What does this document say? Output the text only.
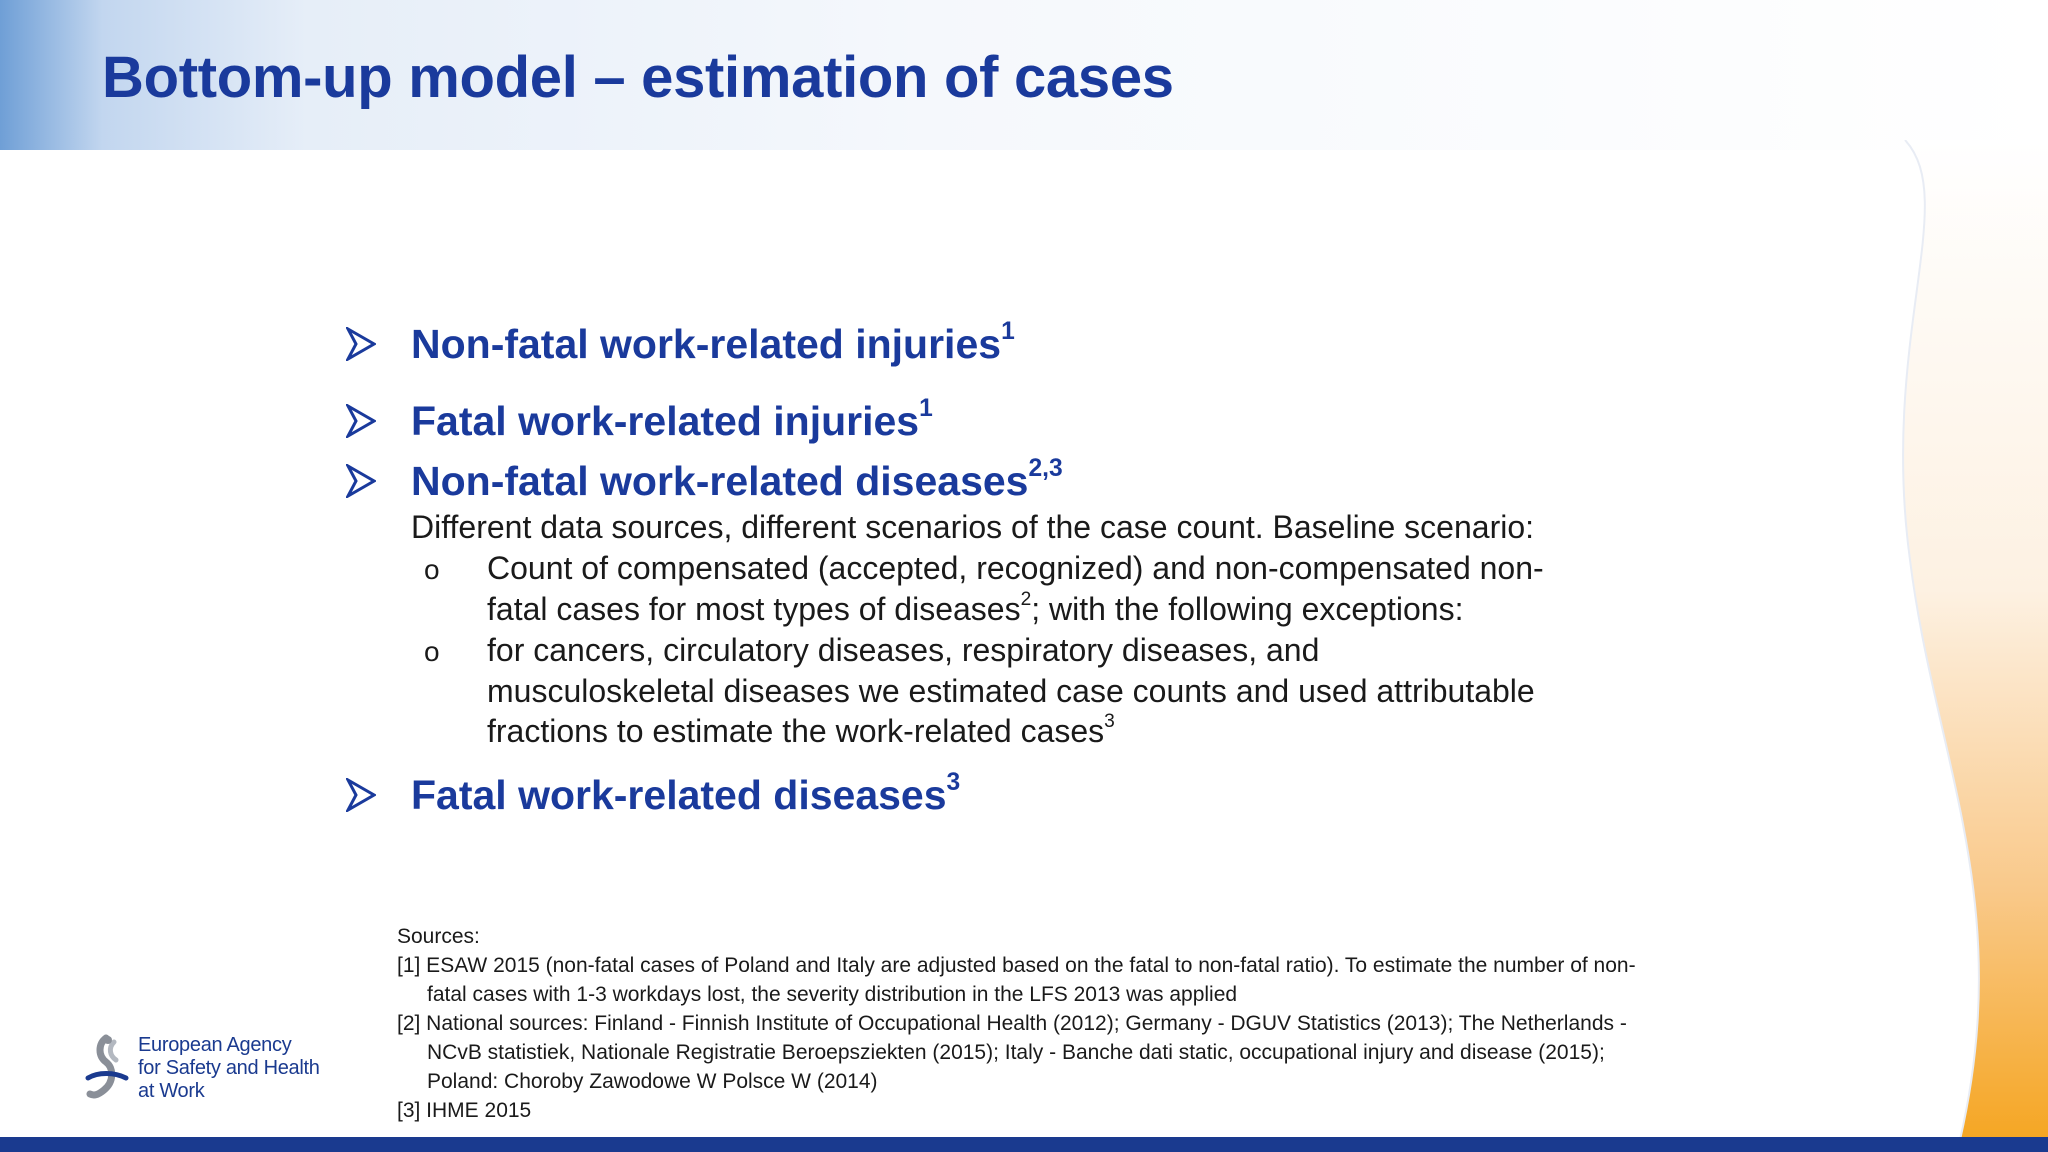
Bottom-up model – estimation of cases
Non-fatal work-related injuries$^1$
Fatal work-related injuries$^1$
Non-fatal work-related diseases$^{2,3}$
Different data sources, different scenarios of the case count. Baseline scenario:
o Count of compensated (accepted, recognized) and non-compensated non-
fatal cases for most types of diseases$^2$; with the following exceptions:
o for cancers, circulatory diseases, respiratory diseases, and
musculoskeletal diseases we estimated case counts and used attributable
fractions to estimate the work-related cases$^3$
Fatal work-related diseases$^3$
Sources:
[1] ESAW 2015 (non-fatal cases of Poland and Italy are adjusted based on the fatal to non-fatal ratio). To estimate the number of non-
fatal cases with 1-3 workdays lost, the severity distribution in the LFS 2013 was applied
[2] National sources: Finland - Finnish Institute of Occupational Health (2012); Germany - DGUV Statistics (2013); The Netherlands -
NCvB statistiek, Nationale Registratie Beroepsziekten (2015); Italy - Banche dati static, occupational injury and disease (2015);
Poland: Choroby Zawodowe W Polsce W (2014)
[3] IHME 2015
European Agency
for Safety and Health
at Work
